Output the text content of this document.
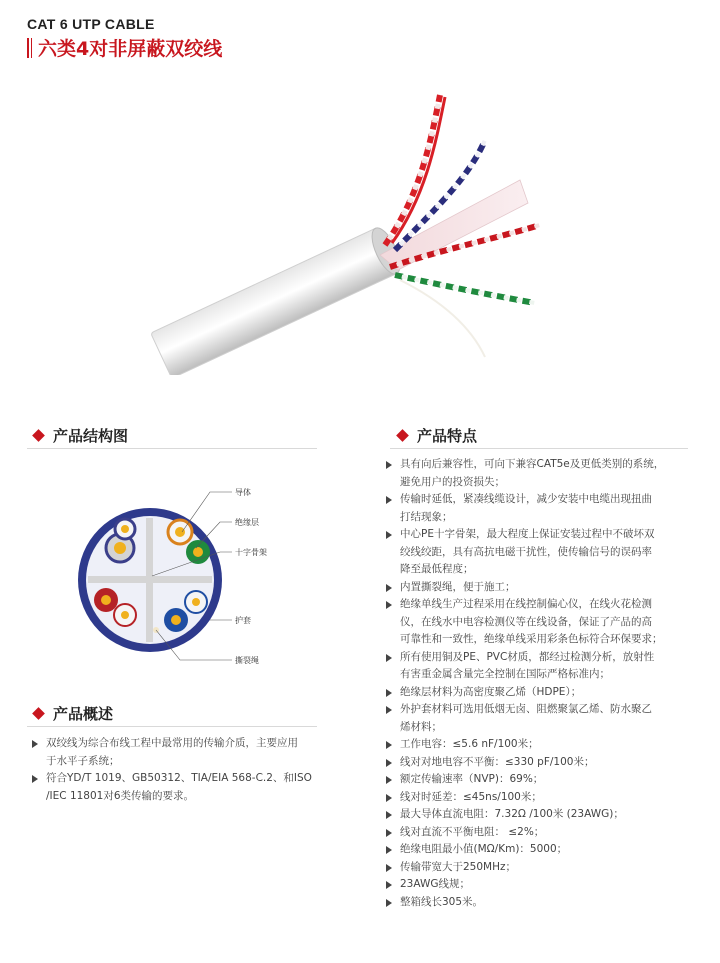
CAT 6 UTP CABLE
六类4对非屏蔽双绞线
产品结构图
导体
绝缘层
十字骨架
护套
撕裂绳
产品概述
双绞线为综合布线工程中最常用的传输介质，主要应用
于水平子系统；
符合YD/T 1019、GB50312、TIA/EIA 568-C.2、和ISO
/IEC 11801对6类传输的要求。
产品特点
具有向后兼容性，可向下兼容CAT5e及更低类别的系统，
避免用户的投资损失；
传输时延低，紧凑线缆设计，减少安装中电缆出现扭曲
打结现象；
中心PE十字骨架，最大程度上保证安装过程中不破坏双
绞线绞距，具有高抗电磁干扰性，使传输信号的误码率
降至最低程度；
内置撕裂绳，便于施工；
绝缘单线生产过程采用在线控制偏心仪，在线火花检测
仪，在线水中电容检测仪等在线设备，保证了产品的高
可靠性和一致性，绝缘单线采用彩条色标符合环保要求；
所有使用铜及PE、PVC材质，都经过检测分析，放射性
有害重金属含量完全控制在国际严格标准内；
绝缘层材料为高密度聚乙烯（HDPE）；
外护套材料可选用低烟无卤、阻燃聚氯乙烯、防水聚乙
烯材料；
工作电容：≤5.6 nF/100米；
线对对地电容不平衡：≤330 pF/100米；
额定传输速率（NVP)：69%；
线对时延差：≤45ns/100米；
最大导体直流电阻：7.32Ω /100米 (23AWG)；
线对直流不平衡电阻： ≤2%；
绝缘电阻最小值(MΩ/Km)：5000；
传输带宽大于250MHz；
23AWG线规；
整箱线长305米。
